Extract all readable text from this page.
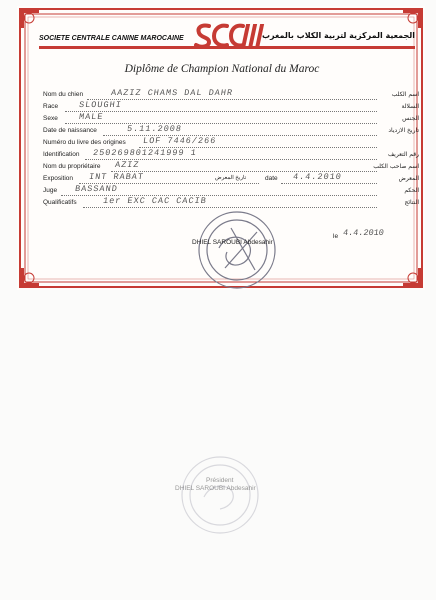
SOCIETE CENTRALE CANINE MAROCAINE	الجمعية المركزية لتربية الكلاب بالمغرب
Diplôme de Champion National du Maroc
Nom du chien	AAZIZ CHAMS DAL DAHR	اسم الكلب
Race SLOUGHI	السلالة
Sexe MALE	الجنس
Date de naissance	5.11.2008	تاريخ الازدياد
Numéro du livre des origines LOF 7446/266
Identification 250269801241999 1	رقم التعريف
Nom du propriétaire AZIZ	اسم صاحب الكلب
Exposition INT RABAT	تاريخ المعرض	date 4.4.2010	المعرض
Juge BASSAND	الحكم
Qualificatifs	1er EXC CAC CACIB	النتائج
le 4.4.2010
DHIEL SAROUBI Abdesahir
Président
DHIEL SAROUBI Abdesahir
